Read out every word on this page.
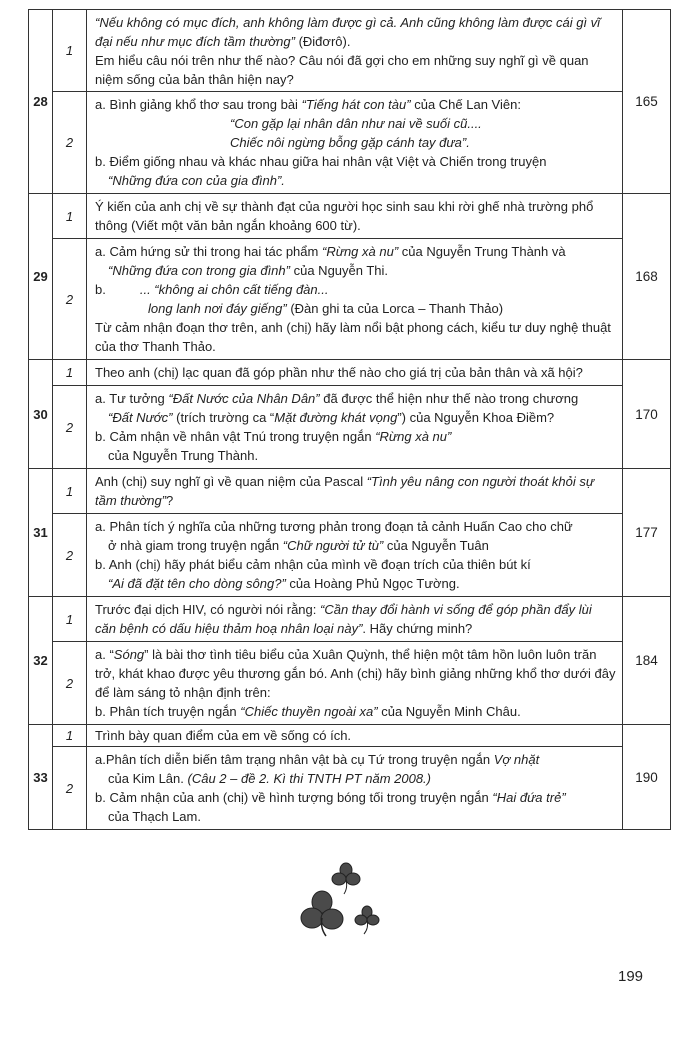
28	1	“Nếu không có mục đích, anh không làm được gì cả. Anh cũng không làm được cái gì vĩ đại nếu như mục đích tầm thường” (Điđơrô).

Em hiểu câu nói trên như thế nào? Câu nói đã gợi cho em những suy nghĩ gì về quan niệm sống của bản thân hiện nay?	165
	2	a. Bình giảng khổ thơ sau trong bài “Tiếng hát con tàu” của Chế Lan Viên:

“Con gặp lại nhân dân như nai về suối cũ....

Chiếc nôi ngừng bỗng gặp cánh tay đưa”.

b. Điểm giống nhau và khác nhau giữa hai nhân vật Việt và Chiến trong truyện

“Những đứa con của gia đình”.	

29	1	Ý kiến của anh chị về sự thành đạt của người học sinh sau khi rời ghế nhà trường phổ thông (Viết một văn bản ngắn khoảng 600 từ).	168
	2	a. Cảm hứng sử thi trong hai tác phẩm “Rừng xà nu” của Nguyễn Trung Thành và

“Những đứa con trong gia đình” của Nguyễn Thi.

b. ... “không ai chôn cất tiếng đàn...

long lanh nơi đáy giếng” (Đàn ghi ta của Lorca – Thanh Thảo)

Từ cảm nhận đoạn thơ trên, anh (chị) hãy làm nổi bật phong cách, kiểu tư duy nghệ thuật của thơ Thanh Thảo.	

30	1	Theo anh (chị) lạc quan đã góp phần như thế nào cho giá trị của bản thân và xã hội?	170
	2	a. Tư tưởng “Đất Nước của Nhân Dân” đã được thể hiện như thế nào trong chương

“Đất Nước” (trích trường ca “Mặt đường khát vọng”) của Nguyễn Khoa Điềm?

b. Cảm nhận về nhân vật Tnú trong truyện ngắn “Rừng xà nu”

của Nguyễn Trung Thành.	

31	1	Anh (chị) suy nghĩ gì về quan niệm của Pascal “Tình yêu nâng con người thoát khỏi sự tầm thường”?	177
	2	a. Phân tích ý nghĩa của những tương phản trong đoạn tả cảnh Huấn Cao cho chữ

ở nhà giam trong truyện ngắn “Chữ người tử tù” của Nguyễn Tuân

b. Anh (chị) hãy phát biểu cảm nhận của mình về đoạn trích của thiên bút kí

“Ai đã đặt tên cho dòng sông?” của Hoàng Phủ Ngọc Tường.	

32	1	Trước đại dịch HIV, có người nói rằng: “Cần thay đổi hành vi sống để góp phần đẩy lùi căn bệnh có dấu hiệu thảm hoạ nhân loại này”. Hãy chứng minh?	184
	2	a. “Sóng” là bài thơ tình tiêu biểu của Xuân Quỳnh, thể hiện một tâm hồn luôn luôn trăn trở, khát khao được yêu thương gắn bó. Anh (chị) hãy bình giảng những khổ thơ dưới đây để làm sáng tỏ nhận định trên:

b. Phân tích truyện ngắn “Chiếc thuyền ngoài xa” của Nguyễn Minh Châu.	

33	1	Trình bày quan điểm của em về sống có ích.	190
	2	a.Phân tích diễn biến tâm trạng nhân vật bà cụ Tứ trong truyện ngắn Vợ nhặt

của Kim Lân. (Câu 2 – đề 2. Kì thi TNTH PT năm 2008.)

b. Cảm nhận của anh (chị) về hình tượng bóng tối trong truyện ngắn “Hai đứa trẻ”

của Thạch Lam.	

199
